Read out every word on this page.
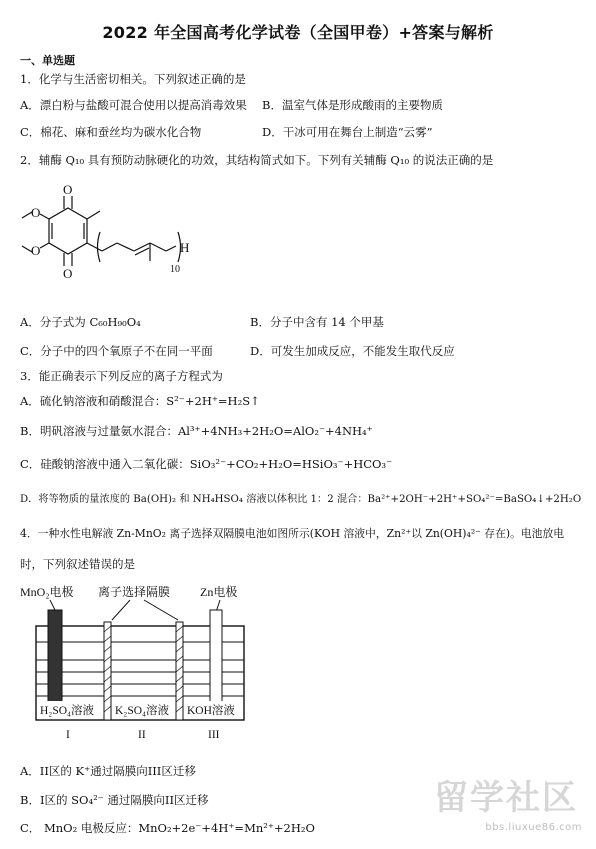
2022 年全国高考化学试卷（全国甲卷）+答案与解析
一、单选题
1．化学与生活密切相关。下列叙述正确的是
A．漂白粉与盐酸可混合使用以提高消毒效果 B．温室气体是形成酸雨的主要物质
C．棉花、麻和蚕丝均为碳水化合物	D．干冰可用在舞台上制造“云雾”
2．辅酶 Q₁₀ 具有预防动脉硬化的功效，其结构简式如下。下列有关辅酶 Q₁₀ 的说法正确的是
O
O
O
O	H
10
A．分子式为 C₆₀H₉₀O₄	B．分子中含有 14 个甲基
C．分子中的四个氧原子不在同一平面	D．可发生加成反应，不能发生取代反应
3．能正确表示下列反应的离子方程式为
A．硫化钠溶液和硝酸混合：S²⁻+2H⁺=H₂S↑
B．明矾溶液与过量氨水混合：Al³⁺+4NH₃+2H₂O=AlO₂⁻+4NH₄⁺
C．硅酸钠溶液中通入二氧化碳：SiO₃²⁻+CO₂+H₂O=HSiO₃⁻+HCO₃⁻
D．将等物质的量浓度的 Ba(OH)₂ 和 NH₄HSO₄ 溶液以体积比 1：2 混合：Ba²⁺+2OH⁻+2H⁺+SO₄²⁻=BaSO₄↓+2H₂O
4．一种水性电解液 Zn-MnO₂ 离子选择双隔膜电池如图所示(KOH 溶液中，Zn²⁺以 Zn(OH)₄²⁻ 存在)。电池放电
时，下列叙述错误的是
MnO₂电极 离子选择隔膜 Zn电极
H₂SO₄溶液 K₂SO₄溶液 KOH溶液
I	II	III
A．II区的 K⁺通过隔膜向III区迁移
B．I区的 SO₄²⁻ 通过隔膜向II区迁移
C． MnO₂ 电极反应：MnO₂+2e⁻+4H⁺=Mn²⁺+2H₂O
留学社区
bbs.liuxue86.com
